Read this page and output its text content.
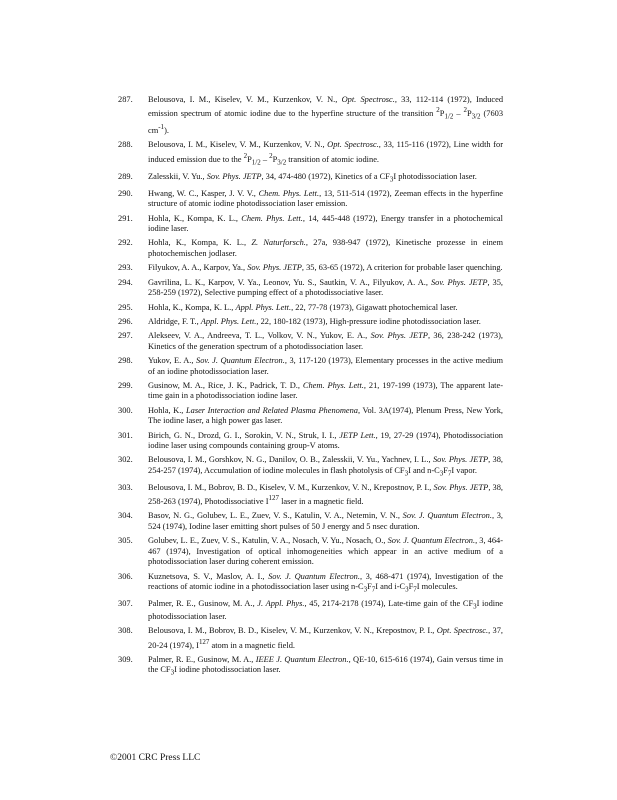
287.	Belousova, I. M., Kiselev, V. M., Kurzenkov, V. N., Opt. Spectrosc., 33, 112-114 (1972), Induced emission spectrum of atomic iodine due to the hyperfine structure of the transition $^2P_{1/2} - ^2P_{3/2}$ (7603 $cm^{-1}$).
288.	Belousova, I. M., Kiselev, V. M., Kurzenkov, V. N., Opt. Spectrosc., 33, 115-116 (1972), Line width for induced emission due to the $^2P_{1/2} - ^2P_{3/2}$ transition of atomic iodine.
289.	Zalesskii, V. Yu., Sov. Phys. JETP, 34, 474-480 (1972), Kinetics of a $CF_3I$ photodissociation laser.
290.	Hwang, W. C., Kasper, J. V. V., Chem. Phys. Lett., 13, 511-514 (1972), Zeeman effects in the hyperfine structure of atomic iodine photodissociation laser emission.
291.	Hohla, K., Kompa, K. L., Chem. Phys. Lett., 14, 445-448 (1972), Energy transfer in a photochemical iodine laser.
292.	Hohla, K., Kompa, K. L., Z. Naturforsch., 27a, 938-947 (1972), Kinetische prozesse in einem photochemischen jodlaser.
293.	Filyukov, A. A., Karpov, Ya., Sov. Phys. JETP, 35, 63-65 (1972), A criterion for probable laser quenching.
294.	Gavrilina, L. K., Karpov, V. Ya., Leonov, Yu. S., Sautkin, V. A., Filyukov, A. A., Sov. Phys. JETP, 35, 258-259 (1972), Selective pumping effect of a photodissociative laser.
295.	Hohla, K., Kompa, K. L., Appl. Phys. Lett., 22, 77-78 (1973), Gigawatt photochemical laser.
296.	Aldridge, F. T., Appl. Phys. Lett., 22, 180-182 (1973), High-pressure iodine photodissociation laser.
297.	Alekseev, V. A., Andreeva, T. L., Volkov, V. N., Yukov, E. A., Sov. Phys. JETP, 36, 238-242 (1973), Kinetics of the generation spectrum of a photodissociation laser.
298.	Yukov, E. A., Sov. J. Quantum Electron., 3, 117-120 (1973), Elementary processes in the active medium of an iodine photodissociation laser.
299.	Gusinow, M. A., Rice, J. K., Padrick, T. D., Chem. Phys. Lett., 21, 197-199 (1973), The apparent late-time gain in a photodissociation iodine laser.
300.	Hohla, K., Laser Interaction and Related Plasma Phenomena, Vol. 3A(1974), Plenum Press, New York, The iodine laser, a high power gas laser.
301.	Birich, G. N., Drozd, G. I., Sorokin, V. N., Struk, I. I., JETP Lett., 19, 27-29 (1974), Photodissociation iodine laser using compounds containing group-V atoms.
302.	Belousova, I. M., Gorshkov, N. G., Danilov, O. B., Zalesskii, V. Yu., Yachnev, I. L., Sov. Phys. JETP, 38, 254-257 (1974), Accumulation of iodine molecules in flash photolysis of $CF_3I$ and $n-C_3F_7I$ vapor.
303.	Belousova, I. M., Bobrov, B. D., Kiselev, V. M., Kurzenkov, V. N., Krepostnov, P. I., Sov. Phys. JETP, 38, 258-263 (1974), Photodissociative $I^{127}$ laser in a magnetic field.
304.	Basov, N. G., Golubev, L. E., Zuev, V. S., Katulin, V. A., Netemin, V. N., Sov. J. Quantum Electron., 3, 524 (1974), Iodine laser emitting short pulses of 50 J energy and 5 nsec duration.
305.	Golubev, L. E., Zuev, V. S., Katulin, V. A., Nosach, V. Yu., Nosach, O., Sov. J. Quantum Electron., 3, 464-467 (1974), Investigation of optical inhomogeneities which appear in an active medium of a photodissociation laser during coherent emission.
306.	Kuznetsova, S. V., Maslov, A. I., Sov. J. Quantum Electron., 3, 468-471 (1974), Investigation of the reactions of atomic iodine in a photodissociation laser using $n-C_3F_7I$ and $i-C_3F_7I$ molecules.
307.	Palmer, R. E., Gusinow, M. A., J. Appl. Phys., 45, 2174-2178 (1974), Late-time gain of the $CF_3I$ iodine photodissociation laser.
308.	Belousova, I. M., Bobrov, B. D., Kiselev, V. M., Kurzenkov, V. N., Krepostnov, P. I., Opt. Spectrosc., 37, 20-24 (1974), $I^{127}$ atom in a magnetic field.
309.	Palmer, R. E., Gusinow, M. A., IEEE J. Quantum Electron., QE-10, 615-616 (1974), Gain versus time in the $CF_3I$ iodine photodissociation laser.
©2001 CRC Press LLC
